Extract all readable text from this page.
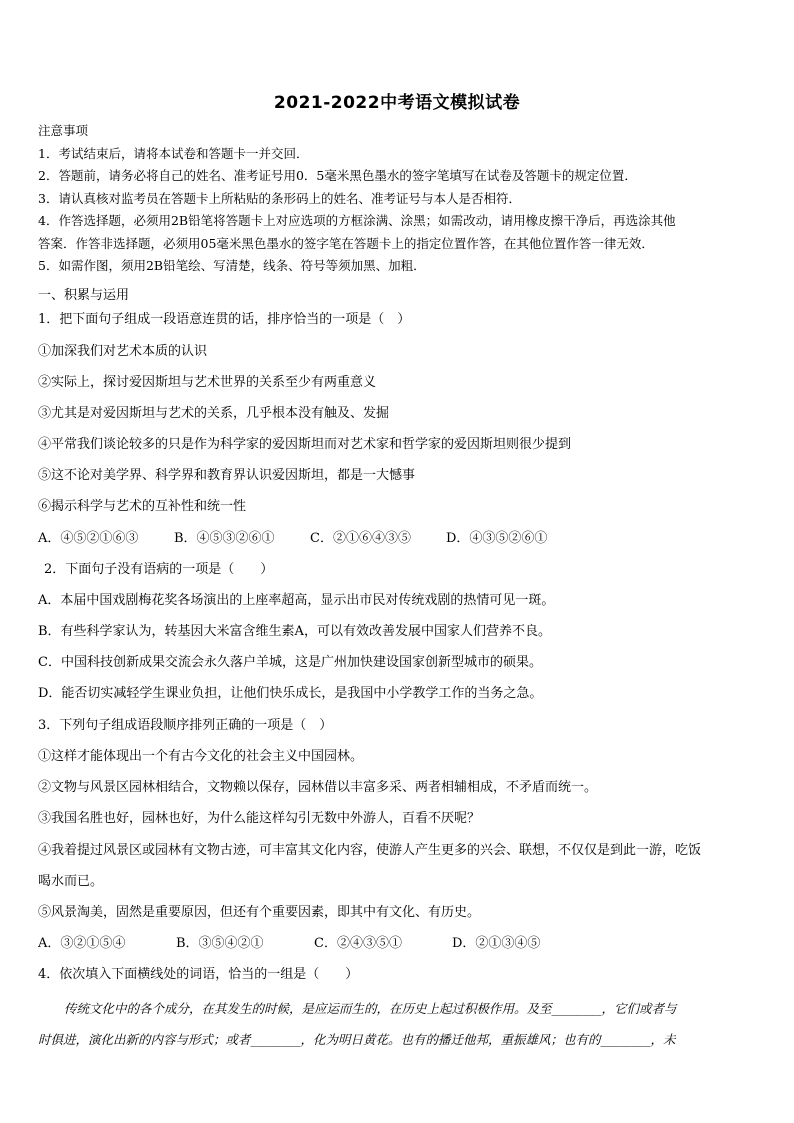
2021-2022中考语文模拟试卷
注意事项
1．考试结束后，请将本试卷和答题卡一并交回．
2．答题前，请务必将自己的姓名、准考证号用0．5毫米黑色墨水的签字笔填写在试卷及答题卡的规定位置．
3．请认真核对监考员在答题卡上所粘贴的条形码上的姓名、准考证号与本人是否相符．
4．作答选择题，必须用2B铅笔将答题卡上对应选项的方框涂满、涂黑；如需改动，请用橡皮擦干净后，再选涂其他
答案．作答非选择题，必须用05毫米黑色墨水的签字笔在答题卡上的指定位置作答，在其他位置作答一律无效．
5．如需作图，须用2B铅笔绘、写清楚，线条、符号等须加黑、加粗．
一、积累与运用
1．把下面句子组成一段语意连贯的话，排序恰当的一项是（　）
①加深我们对艺术本质的认识
②实际上，探讨爱因斯坦与艺术世界的关系至少有两重意义
③尤其是对爱因斯坦与艺术的关系，几乎根本没有触及、发掘
④平常我们谈论较多的只是作为科学家的爱因斯坦而对艺术家和哲学家的爱因斯坦则很少提到
⑤这不论对美学界、科学界和教育界认识爱因斯坦，都是一大憾事
⑥揭示科学与艺术的互补性和统一性
A．④⑤②①⑥③	B．④⑤③②⑥①	C．②①⑥④③⑤	D．④③⑤②⑥①
2．下面句子没有语病的一项是（　　）
A．本届中国戏剧梅花奖各场演出的上座率超高，显示出市民对传统戏剧的热情可见一斑。
B．有些科学家认为，转基因大米富含维生素A，可以有效改善发展中国家人们营养不良。
C．中国科技创新成果交流会永久落户羊城，这是广州加快建设国家创新型城市的硕果。
D．能否切实减轻学生课业负担，让他们快乐成长，是我国中小学教学工作的当务之急。
3．下列句子组成语段顺序排列正确的一项是（　）
①这样才能体现出一个有古今文化的社会主义中国园林。
②文物与风景区园林相结合，文物赖以保存，园林借以丰富多采、两者相辅相成，不矛盾而统一。
③我国名胜也好，园林也好，为什么能这样勾引无数中外游人，百看不厌呢？
④我着提过风景区或园林有文物古迹，可丰富其文化内容，使游人产生更多的兴会、联想，不仅仅是到此一游，吃饭
喝水而已。
⑤风景淘美，固然是重要原因，但还有个重要因素，即其中有文化、有历史。
A．③②①⑤④	B．③⑤④②①	C．②④③⑤①	D．②①③④⑤
4．依次填入下面横线处的词语，恰当的一组是（　　）
传统文化中的各个成分，在其发生的时候，是应运而生的，在历史上起过积极作用。及至________，它们或者与
时俱进，演化出新的内容与形式；或者________，化为明日黄花。也有的播迁他邦，重振雄风；也有的________，未
